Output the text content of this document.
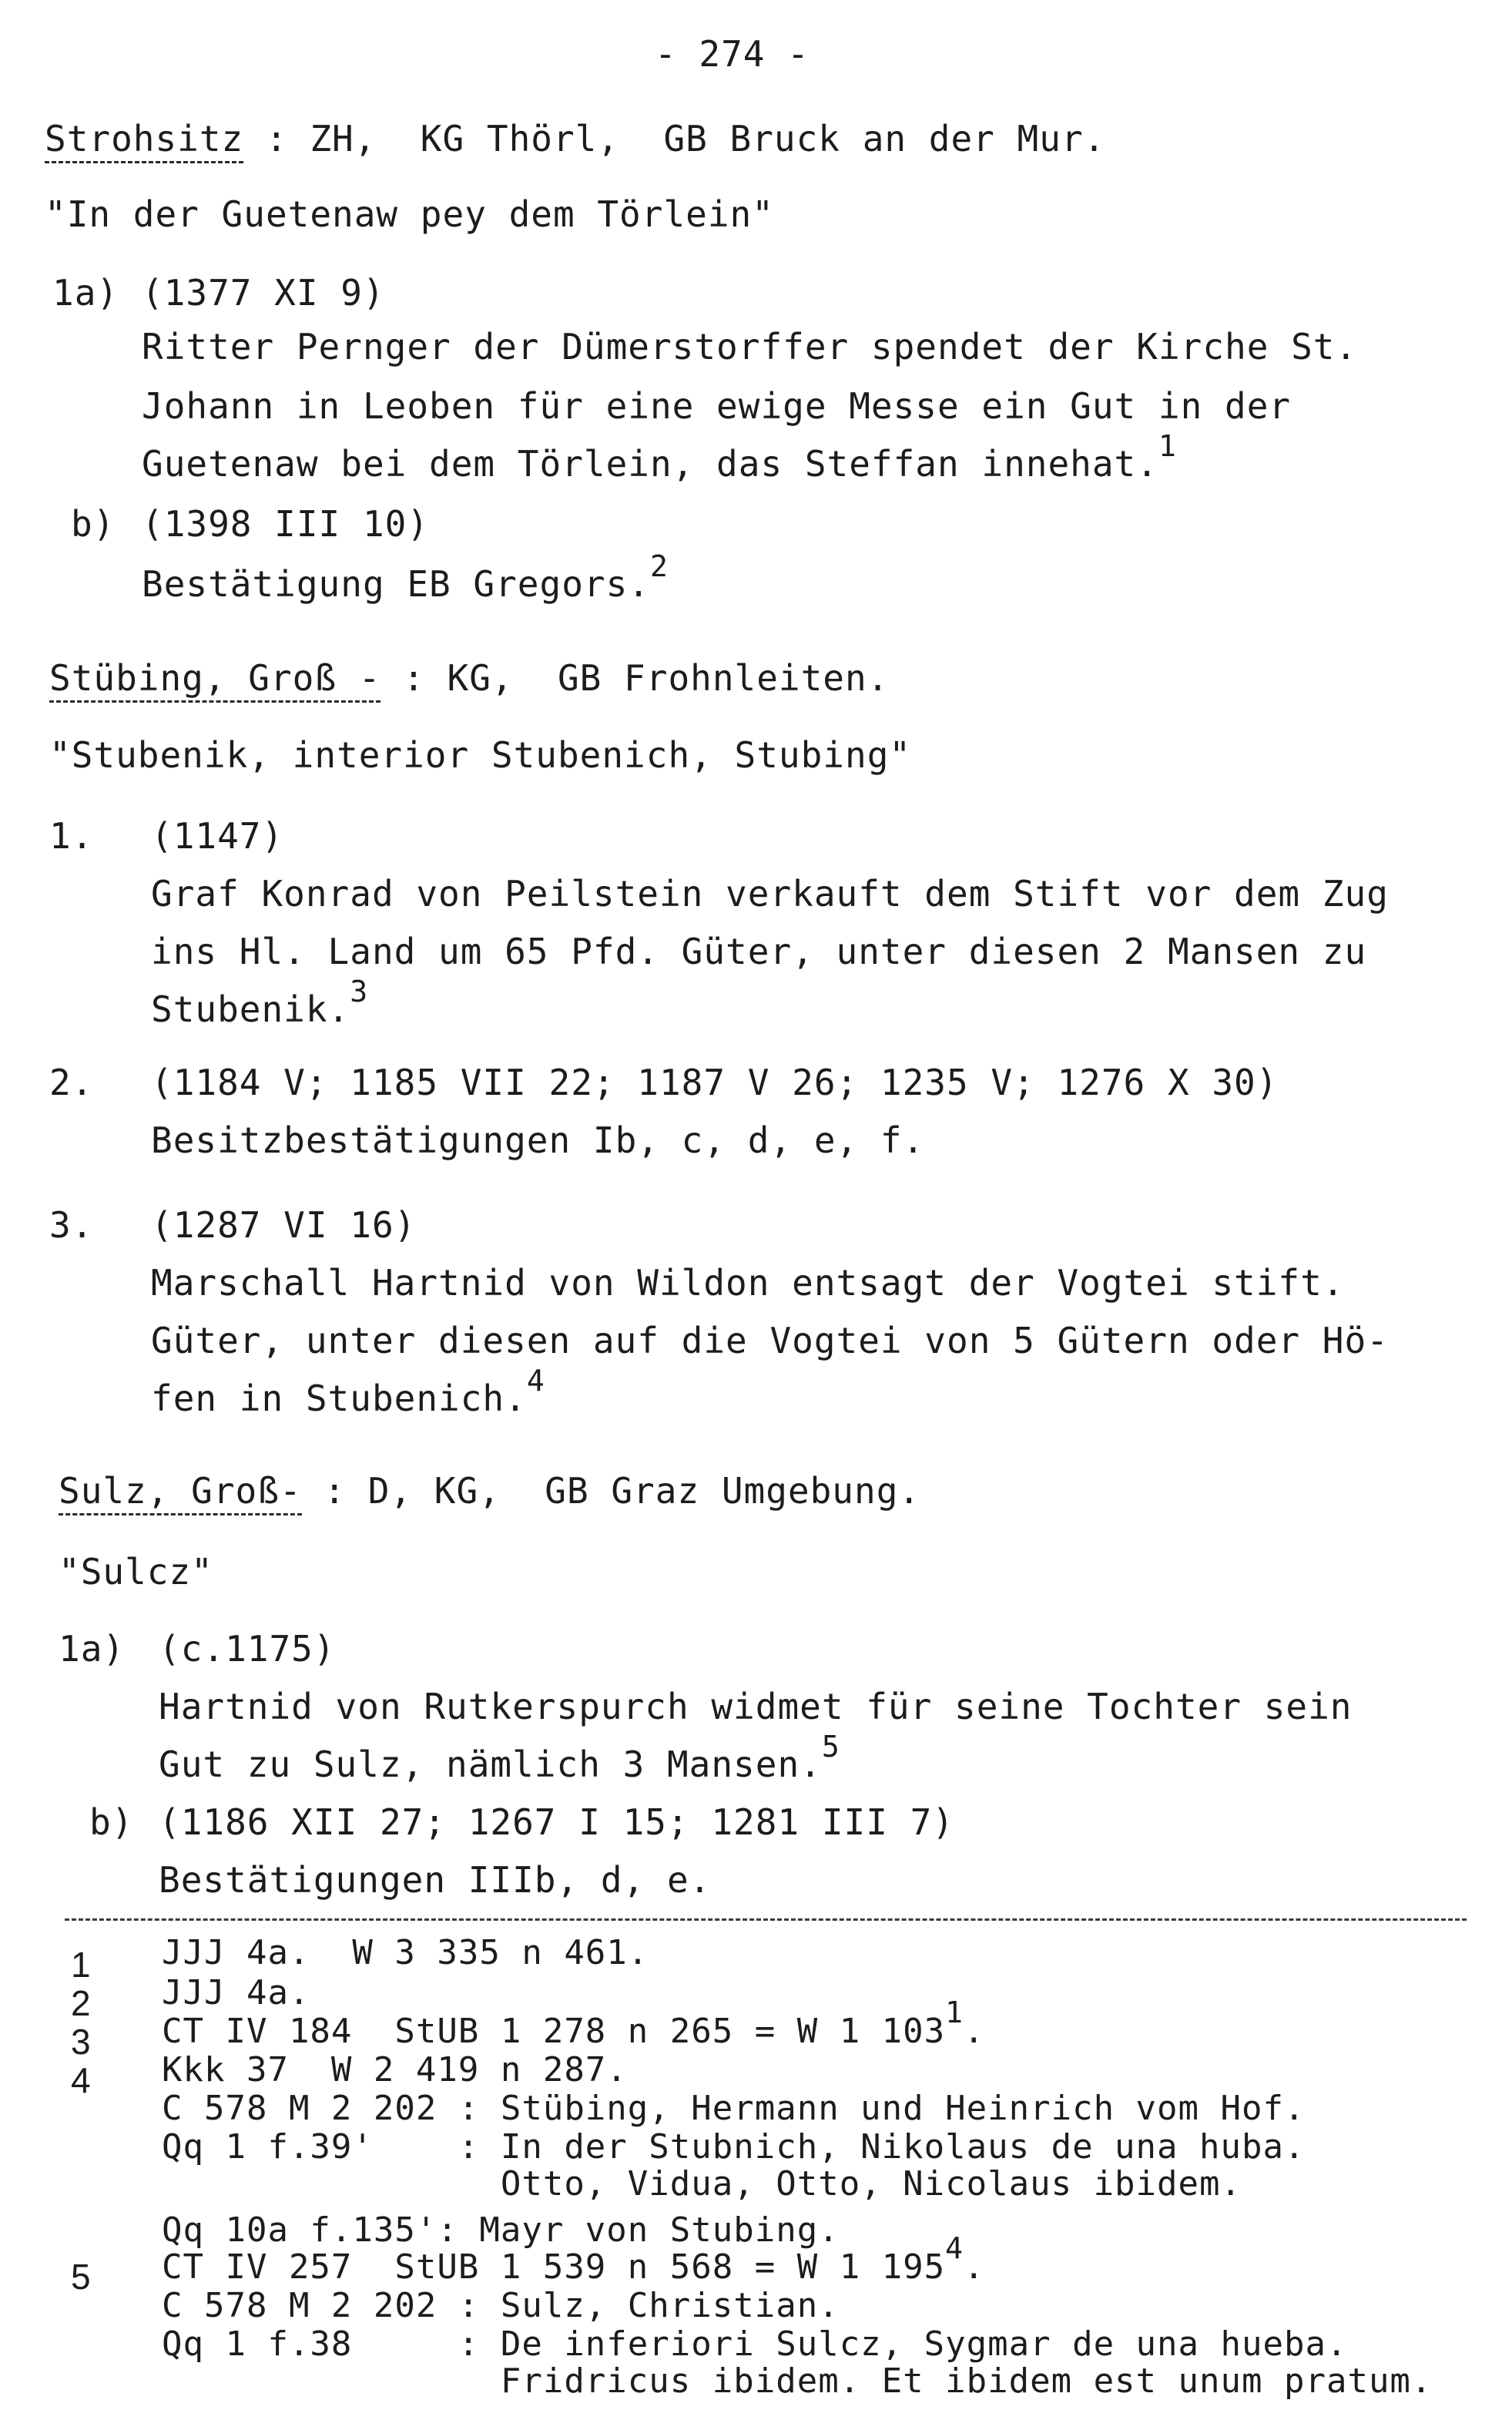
- 274 -
Strohsitz : ZH,  KG Thörl,  GB Bruck an der Mur.
"In der Guetenaw pey dem Törlein"
1a) (1377 XI 9)
Ritter Pernger der Dümerstorffer spendet der Kirche St.
Johann in Leoben für eine ewige Messe ein Gut in der
Guetenaw bei dem Törlein, das Steffan innehat.$^1$
b) (1398 III 10)
Bestätigung EB Gregors.$^2$
Stübing, Groß - : KG,  GB Frohnleiten.
"Stubenik, interior Stubenich, Stubing"
1. (1147)
Graf Konrad von Peilstein verkauft dem Stift vor dem Zug
ins Hl. Land um 65 Pfd. Güter, unter diesen 2 Mansen zu
Stubenik.$^3$
2. (1184 V; 1185 VII 22; 1187 V 26; 1235 V; 1276 X 30)
Besitzbestätigungen Ib, c, d, e, f.
3. (1287 VI 16)
Marschall Hartnid von Wildon entsagt der Vogtei stift.
Güter, unter diesen auf die Vogtei von 5 Gütern oder Hö-
fen in Stubenich.$^4$
Sulz, Groß- : D, KG,  GB Graz Umgebung.
"Sulcz"
1a) (c.1175)
Hartnid von Rutkerspurch widmet für seine Tochter sein
Gut zu Sulz, nämlich 3 Mansen.$^5$
b) (1186 XII 27; 1267 I 15; 1281 III 7)
Bestätigungen IIIb, d, e.
1 JJJ 4a.  W 3 335 n 461.
2 JJJ 4a.
3 CT IV 184  StUB 1 278 n 265 = W 1 1031.
4 Kkk 37  W 2 419 n 287.
C 578 M 2 202 : Stübing, Hermann und Heinrich vom Hof.
Qq 1 f.39'    : In der Stubnich, Nikolaus de una huba.
Otto, Vidua, Otto, Nicolaus ibidem.
Qq 10a f.135': Mayr von Stubing.
5 CT IV 257  StUB 1 539 n 568 = W 1 1954.
C 578 M 2 202 : Sulz, Christian.
Qq 1 f.38     : De inferiori Sulcz, Sygmar de una hueba.
Fridricus ibidem. Et ibidem est unum pratum.
